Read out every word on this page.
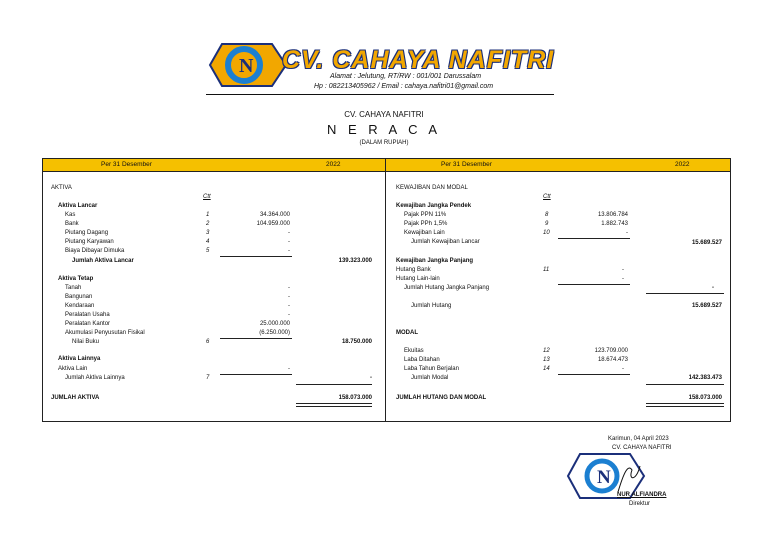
N CV. CAHAYA NAFITRI
Alamat : Jelutung, RT/RW : 001/001 Darussalam
Hp : 082213405962 / Email : cahaya.nafitri01@gmail.com
CV. CAHAYA NAFITRI
N E R A C A
(DALAM RUPIAH)
Per 31 Desember	2022	Per 31 Desember	2022
AKTIVA
Ctt
Aktiva Lancar
Kas	1	34.364.000
Bank	2	104.959.000
Piutang Dagang	3	-
Piutang Karyawan	4	-
Biaya Dibayar Dimuka	5	-
Jumlah Aktiva Lancar	139.323.000
Aktiva Tetap
Tanah	-
Bangunan	-
Kendaraan	-
Peralatan Usaha	-
Peralatan Kantor	25.000.000
Akumulasi Penyusutan Fisikal	(6.250.000)
Nilai Buku	6	18.750.000
Aktiva Lainnya
Aktiva Lain	-
Jumlah Aktiva Lainnya	7	-
JUMLAH AKTIVA	158.073.000
KEWAJIBAN DAN MODAL
Ctt
Kewajiban Jangka Pendek
Pajak PPN 11%	8	13.806.784
Pajak PPh 1,5%	9	1.882.743
Kewajiban Lain	10	-
Jumlah Kewajiban Lancar	15.689.527
Kewajiban Jangka Panjang
Hutang Bank	11	-
Hutang Lain-lain	-
Jumlah Hutang Jangka Panjang	-
Jumlah Hutang	15.689.527
MODAL
Ekuitas	12	123.709.000
Laba Ditahan	13	18.674.473
Laba Tahun Berjalan	14	-
Jumlah Modal	142.383.473
JUMLAH HUTANG DAN MODAL	158.073.000
Karimun, 04 April 2023
CV. CAHAYA NAFITRI
N
NUR ALFIANDRA
Direktur
